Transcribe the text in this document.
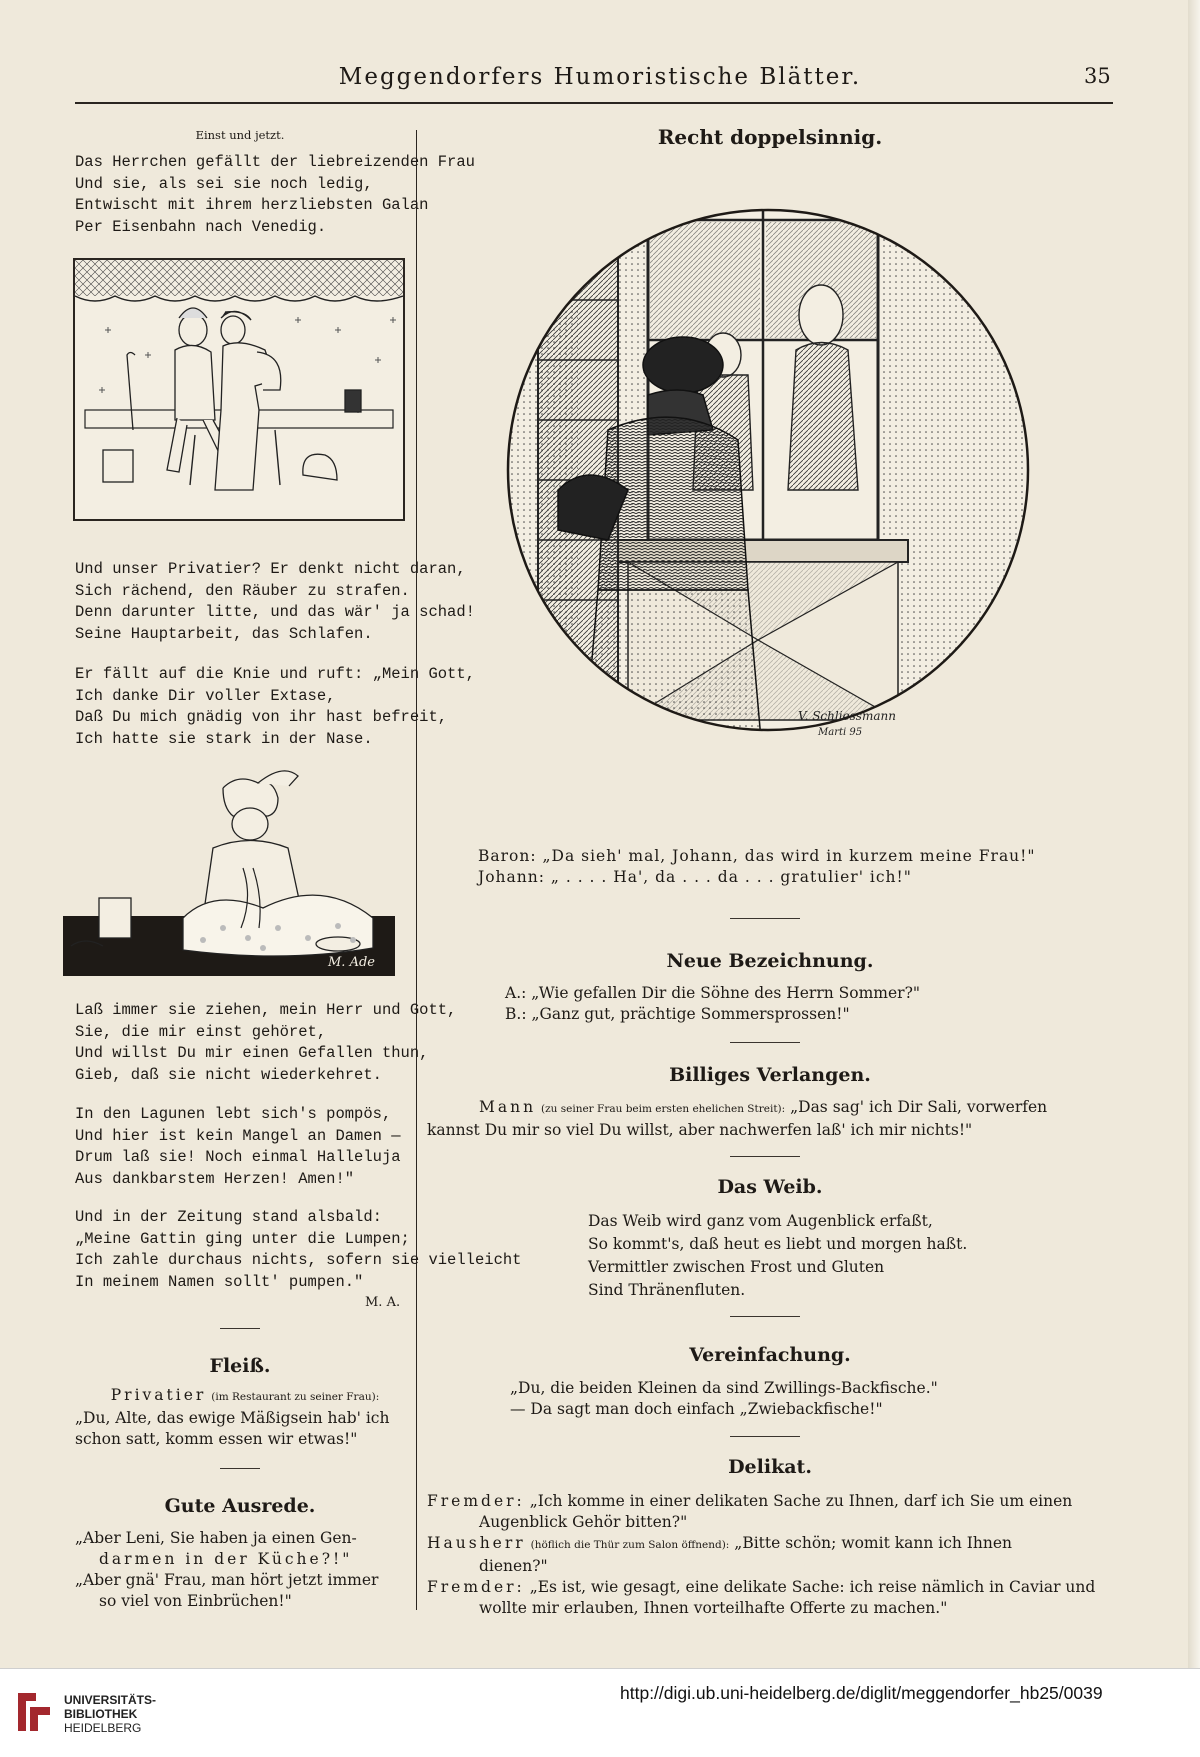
Meggendorfers Humoristische Blätter.	35
Einst und jetzt.
Das Herrchen gefällt der liebreizenden Frau
Und sie, als sei sie noch ledig,
Entwischt mit ihrem herzliebsten Galan
Per Eisenbahn nach Venedig.
Und unser Privatier? Er denkt nicht daran,
Sich rächend, den Räuber zu strafen.
Denn darunter litte, und das wär' ja schad!
Seine Hauptarbeit, das Schlafen.
Er fällt auf die Knie und ruft: „Mein Gott,
Ich danke Dir voller Extase,
Daß Du mich gnädig von ihr hast befreit,
Ich hatte sie stark in der Nase.
M. Ade
Laß immer sie ziehen, mein Herr und Gott,
Sie, die mir einst gehöret,
Und willst Du mir einen Gefallen thun,
Gieb, daß sie nicht wiederkehret.
In den Lagunen lebt sich's pompös,
Und hier ist kein Mangel an Damen —
Drum laß sie! Noch einmal Halleluja
Aus dankbarstem Herzen! Amen!"
Und in der Zeitung stand alsbald:
„Meine Gattin ging unter die Lumpen;
Ich zahle durchaus nichts, sofern sie vielleicht
In meinem Namen sollt' pumpen."
M. A.
Fleiß.
Privatier (im Restaurant zu seiner Frau):
„Du, Alte, das ewige Mäßigsein hab' ich
schon satt, komm essen wir etwas!"
Gute Ausrede.
„Aber Leni, Sie haben ja einen Gen-
darmen in der Küche?!"
„Aber gnä' Frau, man hört jetzt immer
so viel von Einbrüchen!"
Recht doppelsinnig.
V. Schliessmann
Marti 95
Baron: „Da sieh' mal, Johann, das wird in kurzem meine Frau!"
Johann: „ . . . . Ha', da . . . da . . . gratulier' ich!"
Neue Bezeichnung.
A.: „Wie gefallen Dir die Söhne des Herrn Sommer?"
B.: „Ganz gut, prächtige Sommersprossen!"
Billiges Verlangen.
Mann (zu seiner Frau beim ersten ehelichen Streit): „Das sag' ich Dir Sali, vorwerfen
kannst Du mir so viel Du willst, aber nachwerfen laß' ich mir nichts!"
Das Weib.
Das Weib wird ganz vom Augenblick erfaßt,
So kommt's, daß heut es liebt und morgen haßt.
Vermittler zwischen Frost und Gluten
Sind Thränenfluten.
Vereinfachung.
„Du, die beiden Kleinen da sind Zwillings-Backfische."
— Da sagt man doch einfach „Zwiebackfische!"
Delikat.
Fremder: „Ich komme in einer delikaten Sache zu Ihnen, darf ich Sie um einen
Augenblick Gehör bitten?"
Hausherr (höflich die Thür zum Salon öffnend): „Bitte schön; womit kann ich Ihnen
dienen?"
Fremder: „Es ist, wie gesagt, eine delikate Sache: ich reise nämlich in Caviar und
wollte mir erlauben, Ihnen vorteilhafte Offerte zu machen."
UNIVERSITÄTS-
BIBLIOTHEK
HEIDELBERG
http://digi.ub.uni-heidelberg.de/diglit/meggendorfer_hb25/0039
